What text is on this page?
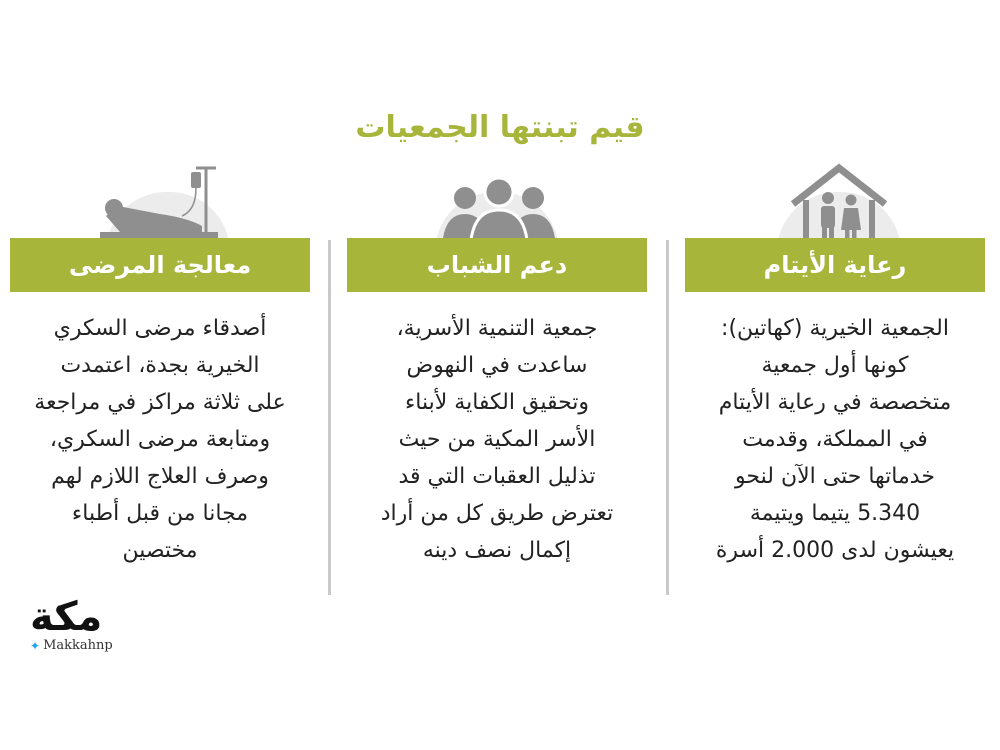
قيم تبنتها الجمعيات
رعاية الأيتام
الجمعية الخيرية (كهاتين):
كونها أول جمعية
متخصصة في رعاية الأيتام
في المملكة، وقدمت
خدماتها حتى الآن لنحو
5.340 يتيما ويتيمة
يعيشون لدى 2.000 أسرة
دعم الشباب
جمعية التنمية الأسرية،
ساعدت في النهوض
وتحقيق الكفاية لأبناء
الأسر المكية من حيث
تذليل العقبات التي قد
تعترض طريق كل من أراد
إكمال نصف دينه
معالجة المرضى
أصدقاء مرضى السكري
الخيرية بجدة، اعتمدت
على ثلاثة مراكز في مراجعة
ومتابعة مرضى السكري،
وصرف العلاج اللازم لهم
مجانا من قبل أطباء
مختصين
مكة
✦ Makkahnp
